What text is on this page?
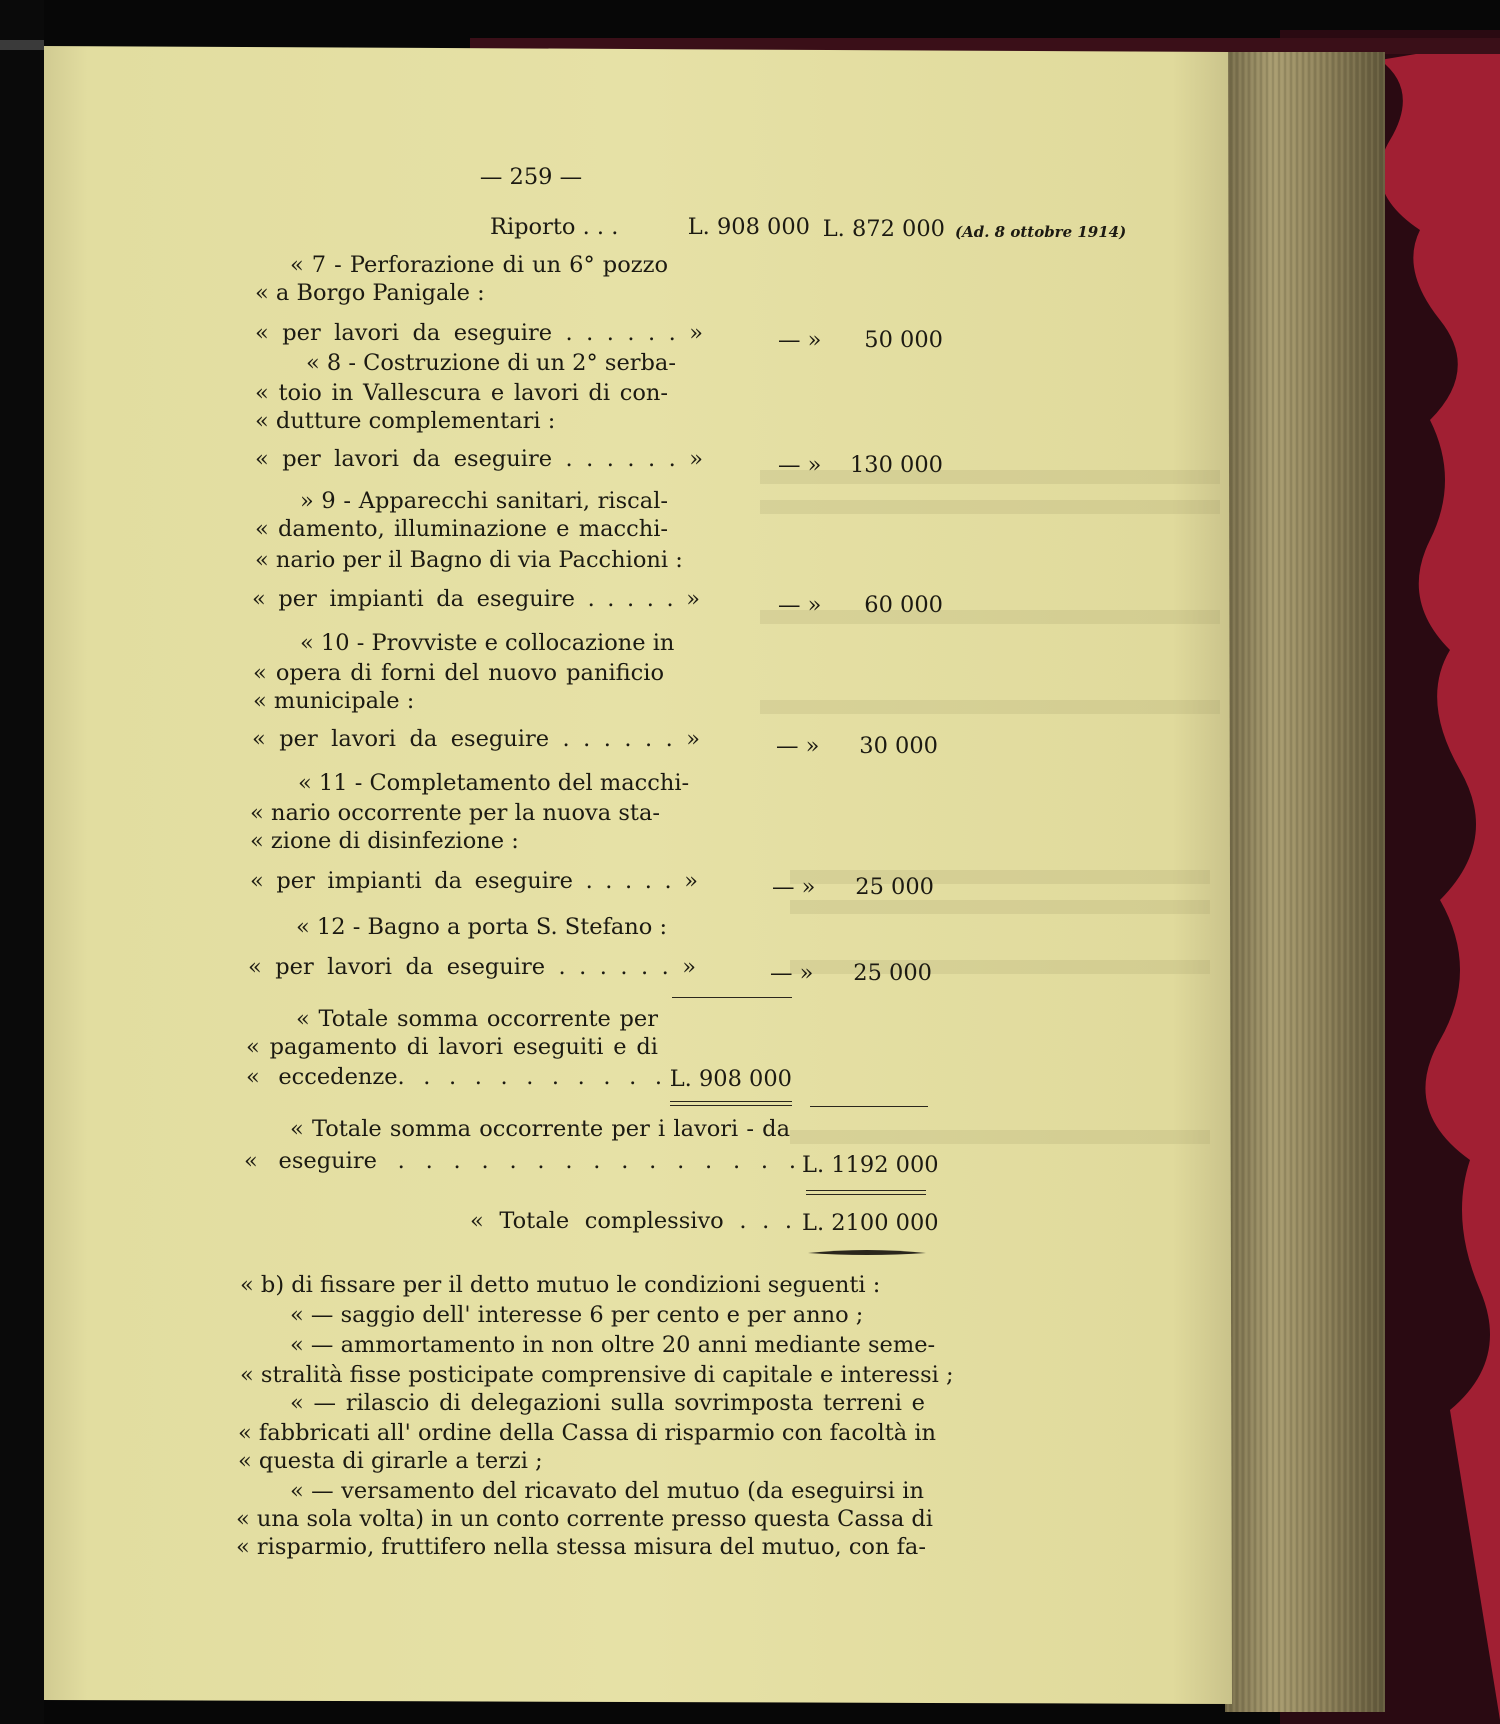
— 259 —
Riporto . . .	L. 908 000 L. 872 000 (Ad. 8 ottobre 1914)
« 7 - Perforazione di un 6° pozzo
« a Borgo Panigale :
« per lavori da eseguire . . . . . . »	— »	50 000
« 8 - Costruzione di un 2° serba-
« toio in Vallescura e lavori di con-
« dutture complementari :
« per lavori da eseguire . . . . . . »	— »	130 000
» 9 - Apparecchi sanitari, riscal-
« damento, illuminazione e macchi-
« nario per il Bagno di via Pacchioni :
« per impianti da eseguire . . . . . »	— »	60 000
« 10 - Provviste e collocazione in
« opera di forni del nuovo panificio
« municipale :
« per lavori da eseguire . . . . . . »	— »	30 000
« 11 - Completamento del macchi-
« nario occorrente per la nuova sta-
« zione di disinfezione :
« per impianti da eseguire . . . . . »	— »	25 000
« 12 - Bagno a porta S. Stefano :
« per lavori da eseguire . . . . . . »	— »	25 000
« Totale somma occorrente per
« pagamento di lavori eseguiti e di
« eccedenze. . . . . . . . . . . L. 908 000
« Totale somma occorrente per i lavori - da
« eseguire . . . . . . . . . . . . . . . L. 1192 000
« Totale complessivo . . . L. 2100 000
« b) di fissare per il detto mutuo le condizioni seguenti :
« — saggio dell' interesse 6 per cento e per anno ;
« — ammortamento in non oltre 20 anni mediante seme-
« stralità fisse posticipate comprensive di capitale e interessi ;
« — rilascio di delegazioni sulla sovrimposta terreni e
« fabbricati all' ordine della Cassa di risparmio con facoltà in
« questa di girarle a terzi ;
« — versamento del ricavato del mutuo (da eseguirsi in
« una sola volta) in un conto corrente presso questa Cassa di
« risparmio, fruttifero nella stessa misura del mutuo, con fa-
